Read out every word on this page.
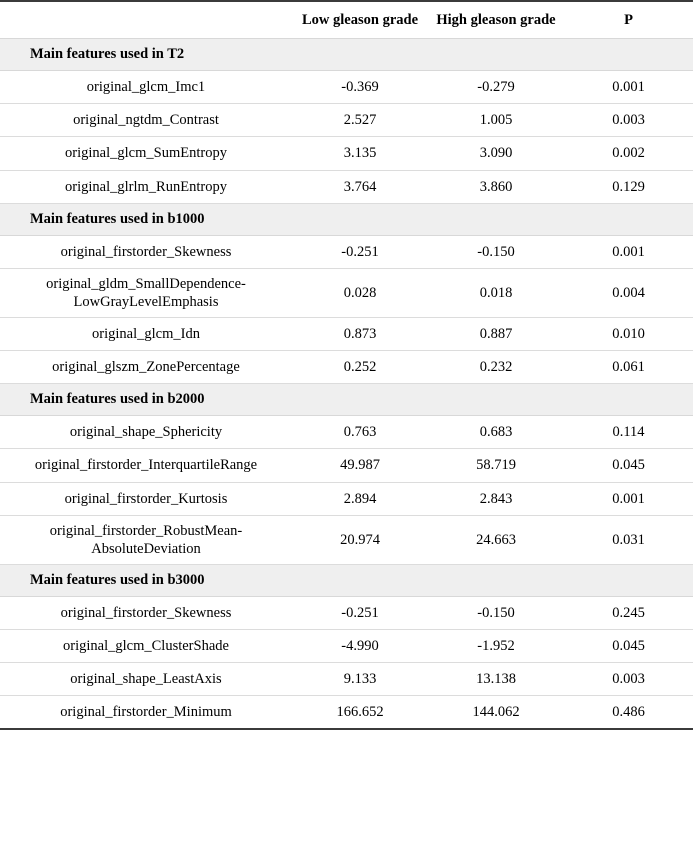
	Low gleason grade	High gleason grade	P
Main features used in T2			
original_glcm_Imc1	-0.369	-0.279	0.001
original_ngtdm_Contrast	2.527	1.005	0.003
original_glcm_SumEntropy	3.135	3.090	0.002
original_glrlm_RunEntropy	3.764	3.860	0.129
Main features used in b1000			
original_firstorder_Skewness	-0.251	-0.150	0.001
original_gldm_SmallDependence-LowGrayLevelEmphasis	0.028	0.018	0.004
original_glcm_Idn	0.873	0.887	0.010
original_glszm_ZonePercentage	0.252	0.232	0.061
Main features used in b2000			
original_shape_Sphericity	0.763	0.683	0.114
original_firstorder_InterquartileRange	49.987	58.719	0.045
original_firstorder_Kurtosis	2.894	2.843	0.001
original_firstorder_RobustMean-AbsoluteDeviation	20.974	24.663	0.031
Main features used in b3000			
original_firstorder_Skewness	-0.251	-0.150	0.245
original_glcm_ClusterShade	-4.990	-1.952	0.045
original_shape_LeastAxis	9.133	13.138	0.003
original_firstorder_Minimum	166.652	144.062	0.486
